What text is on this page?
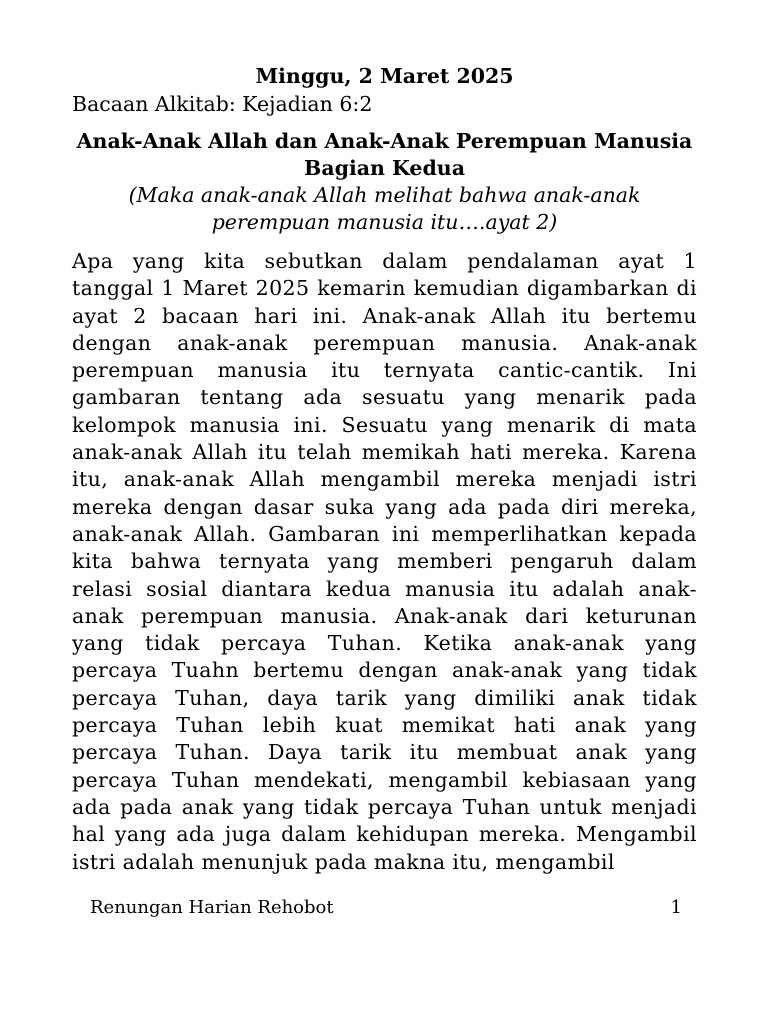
Minggu, 2 Maret 2025

Bacaan Alkitab: Kejadian 6:2

Anak-Anak Allah dan Anak-Anak Perempuan Manusia Bagian Kedua

(Maka anak-anak Allah melihat bahwa anak-anak perempuan manusia itu….ayat 2)

Apa yang kita sebutkan dalam pendalaman ayat 1 tanggal 1 Maret 2025 kemarin kemudian digambarkan di ayat 2 bacaan hari ini. Anak-anak Allah itu bertemu dengan anak-anak perempuan manusia. Anak-anak perempuan manusia itu ternyata cantic-cantik. Ini gambaran tentang ada sesuatu yang menarik pada kelompok manusia ini. Sesuatu yang menarik di mata anak-anak Allah itu telah memikah hati mereka. Karena itu, anak-anak Allah mengambil mereka menjadi istri mereka dengan dasar suka yang ada pada diri mereka, anak-anak Allah. Gambaran ini memperlihatkan kepada kita bahwa ternyata yang memberi pengaruh dalam relasi sosial diantara kedua manusia itu adalah anak-anak perempuan manusia. Anak-anak dari keturunan yang tidak percaya Tuhan. Ketika anak-anak yang percaya Tuahn bertemu dengan anak-anak yang tidak percaya Tuhan, daya tarik yang dimiliki anak tidak percaya Tuhan lebih kuat memikat hati anak yang percaya Tuhan. Daya tarik itu membuat anak yang percaya Tuhan mendekati, mengambil kebiasaan yang ada pada anak yang tidak percaya Tuhan untuk menjadi hal yang ada juga dalam kehidupan mereka. Mengambil istri adalah menunjuk pada makna itu, mengambil

Renungan Harian Rehobot	1
